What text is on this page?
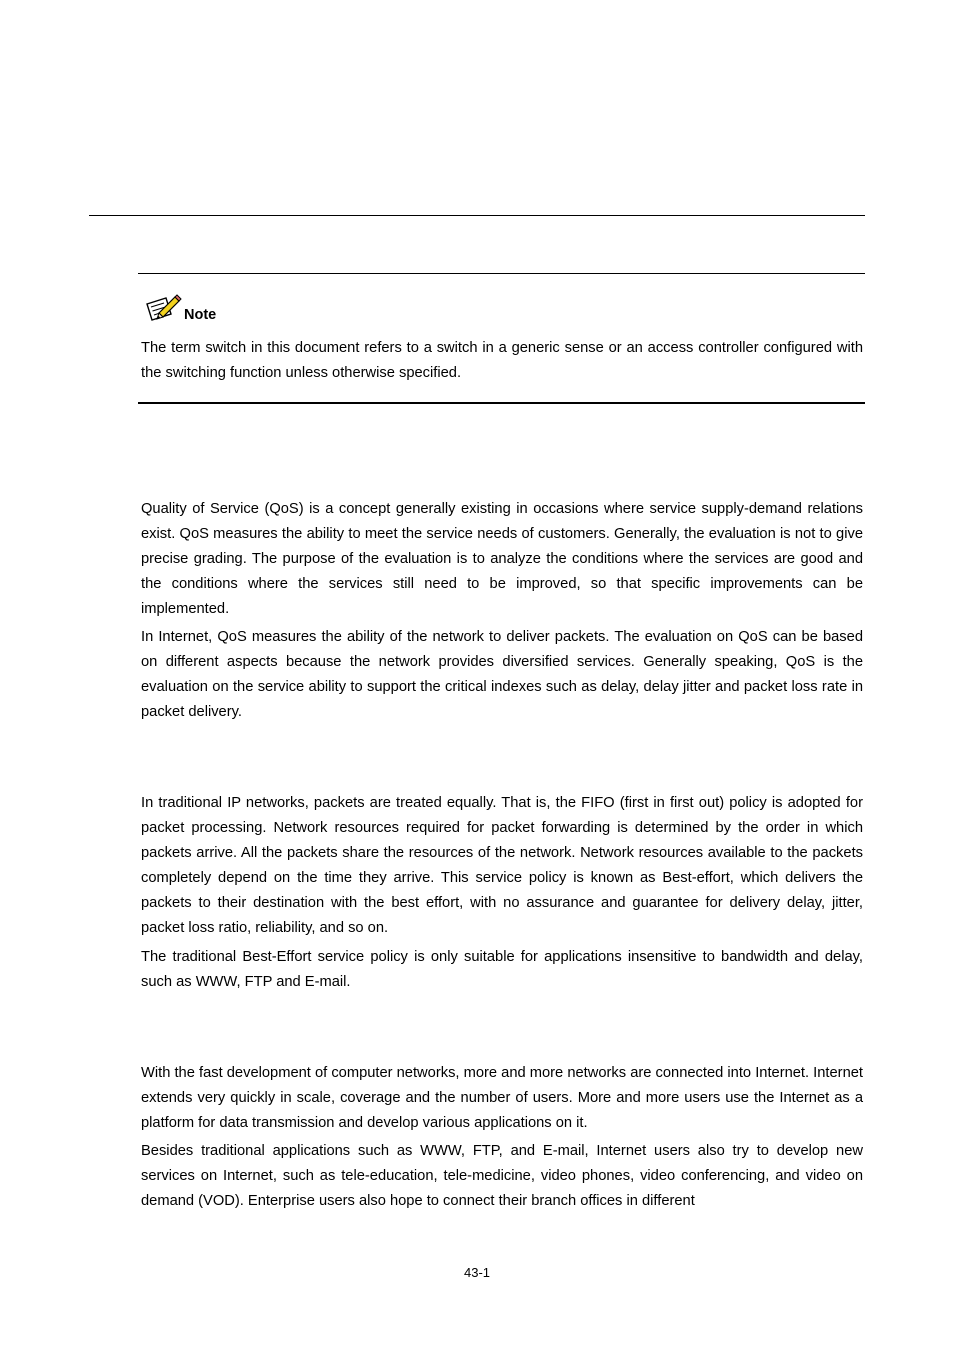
Note
The term switch in this document refers to a switch in a generic sense or an access controller configured with the switching function unless otherwise specified.

Quality of Service (QoS) is a concept generally existing in occasions where service supply-demand relations exist. QoS measures the ability to meet the service needs of customers. Generally, the evaluation is not to give precise grading. The purpose of the evaluation is to analyze the conditions where the services are good and the conditions where the services still need to be improved, so that specific improvements can be implemented.

In Internet, QoS measures the ability of the network to deliver packets. The evaluation on QoS can be based on different aspects because the network provides diversified services. Generally speaking, QoS is the evaluation on the service ability to support the critical indexes such as delay, delay jitter and packet loss rate in packet delivery.

In traditional IP networks, packets are treated equally. That is, the FIFO (first in first out) policy is adopted for packet processing. Network resources required for packet forwarding is determined by the order in which packets arrive. All the packets share the resources of the network. Network resources available to the packets completely depend on the time they arrive. This service policy is known as Best-effort, which delivers the packets to their destination with the best effort, with no assurance and guarantee for delivery delay, jitter, packet loss ratio, reliability, and so on.

The traditional Best-Effort service policy is only suitable for applications insensitive to bandwidth and delay, such as WWW, FTP and E-mail.

With the fast development of computer networks, more and more networks are connected into Internet. Internet extends very quickly in scale, coverage and the number of users. More and more users use the Internet as a platform for data transmission and develop various applications on it.

Besides traditional applications such as WWW, FTP, and E-mail, Internet users also try to develop new services on Internet, such as tele-education, tele-medicine, video phones, video conferencing, and video on demand (VOD). Enterprise users also hope to connect their branch offices in different

43-1
